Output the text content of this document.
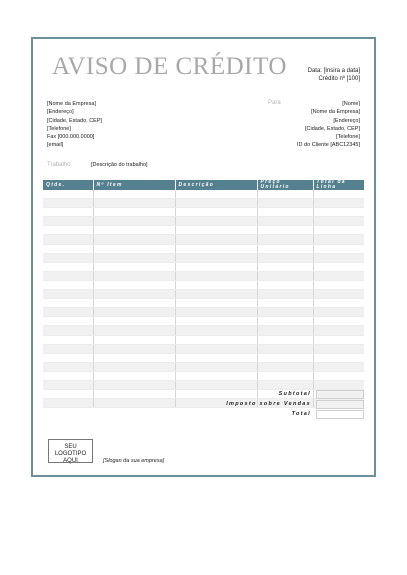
AVISO DE CRÉDITO	Data: [Insira a data]
Crédito nº [100]
[Nome da Empresa]
[Endereço]
[Cidade, Estado, CEP]
[Telefone]
Fax [000.000.0000]
[email]
Para	[Nome]
[Nome da Empresa]
[Endereço]
[Cidade, Estado, CEP]
[Telefone]
ID do Cliente [ABC12345]
Trabalho	[Descrição do trabalho]
Qtde.	Nº Item	Descrição	Preço Unitário	Total da Linha

Subtotal
Imposto sobre Vendas
Total
SEU LOGOTIPO
AQUI	[Slogan da sua empresa]
